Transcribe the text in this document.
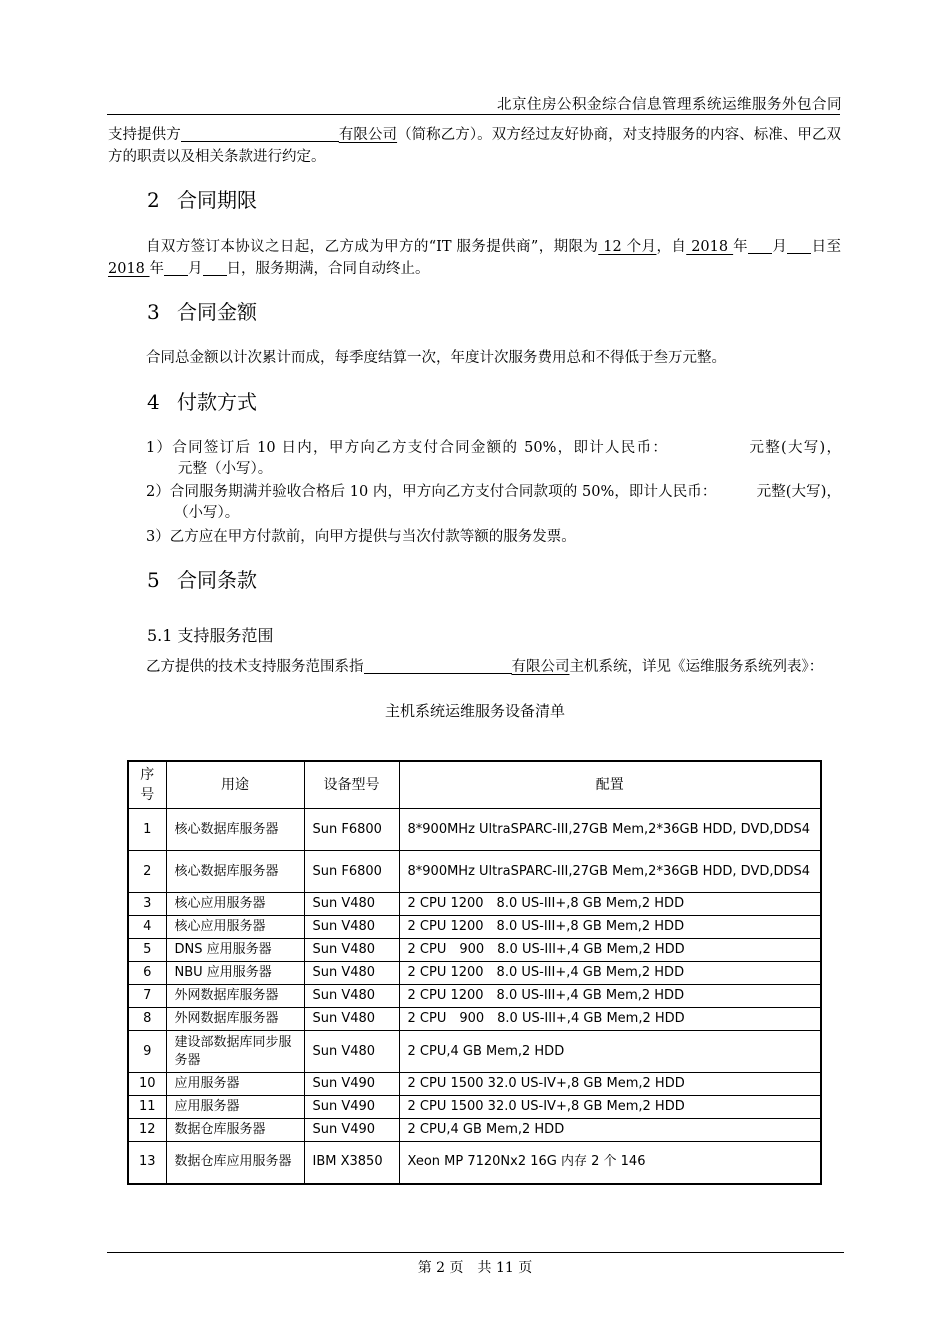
北京住房公积金综合信息管理系统运维服务外包合同

支持提供方	有限公司（简称乙方）。双方经过友好协商，对支持服务的内容、标准、甲乙双方的职责以及相关条款进行约定。

2 合同期限

自双方签订本协议之日起，乙方成为甲方的“IT 服务提供商”，期限为 12 个月，自 2018 年 月 日至 2018 年 月 日，服务期满，合同自动终止。

3 合同金额

合同总金额以计次累计而成，每季度结算一次，年度计次服务费用总和不得低于叁万元整。

4 付款方式

1）合同签订后 10 日内，甲方向乙方支付合同金额的 50%，即计人民币：	元整(大写)，元整（小写）。

2）合同服务期满并验收合格后 10 内，甲方向乙方支付合同款项的 50%，即计人民币：	元整(大写)，（小写）。

3）乙方应在甲方付款前，向甲方提供与当次付款等额的服务发票。

5 合同条款
5.1 支持服务范围

乙方提供的技术支持服务范围系指	有限公司主机系统，详见《运维服务系统列表》：

主机系统运维服务设备清单
序号	用途	设备型号	配置
1	核心数据库服务器	Sun F6800	8*900MHz UltraSPARC-III,27GB Mem,2*36GB HDD, DVD,DDS4
2	核心数据库服务器	Sun F6800	8*900MHz UltraSPARC-III,27GB Mem,2*36GB HDD, DVD,DDS4
3	核心应用服务器	Sun V480	2 CPU 1200　8.0 US-III+,8 GB Mem,2 HDD
4	核心应用服务器	Sun V480	2 CPU 1200　8.0 US-III+,8 GB Mem,2 HDD
5	DNS 应用服务器	Sun V480	2 CPU　900　8.0 US-III+,4 GB Mem,2 HDD
6	NBU 应用服务器	Sun V480	2 CPU 1200　8.0 US-III+,4 GB Mem,2 HDD
7	外网数据库服务器	Sun V480	2 CPU 1200　8.0 US-III+,4 GB Mem,2 HDD
8	外网数据库服务器	Sun V480	2 CPU　900　8.0 US-III+,4 GB Mem,2 HDD
9	建设部数据库同步服务器	Sun V480	2 CPU,4 GB Mem,2 HDD
10	应用服务器	Sun V490	2 CPU 1500 32.0 US-IV+,8 GB Mem,2 HDD
11	应用服务器	Sun V490	2 CPU 1500 32.0 US-IV+,8 GB Mem,2 HDD
12	数据仓库服务器	Sun V490	2 CPU,4 GB Mem,2 HDD
13	数据仓库应用服务器	IBM X3850	Xeon MP 7120Nx2 16G 内存 2 个 146
第 2 页　共 11 页
